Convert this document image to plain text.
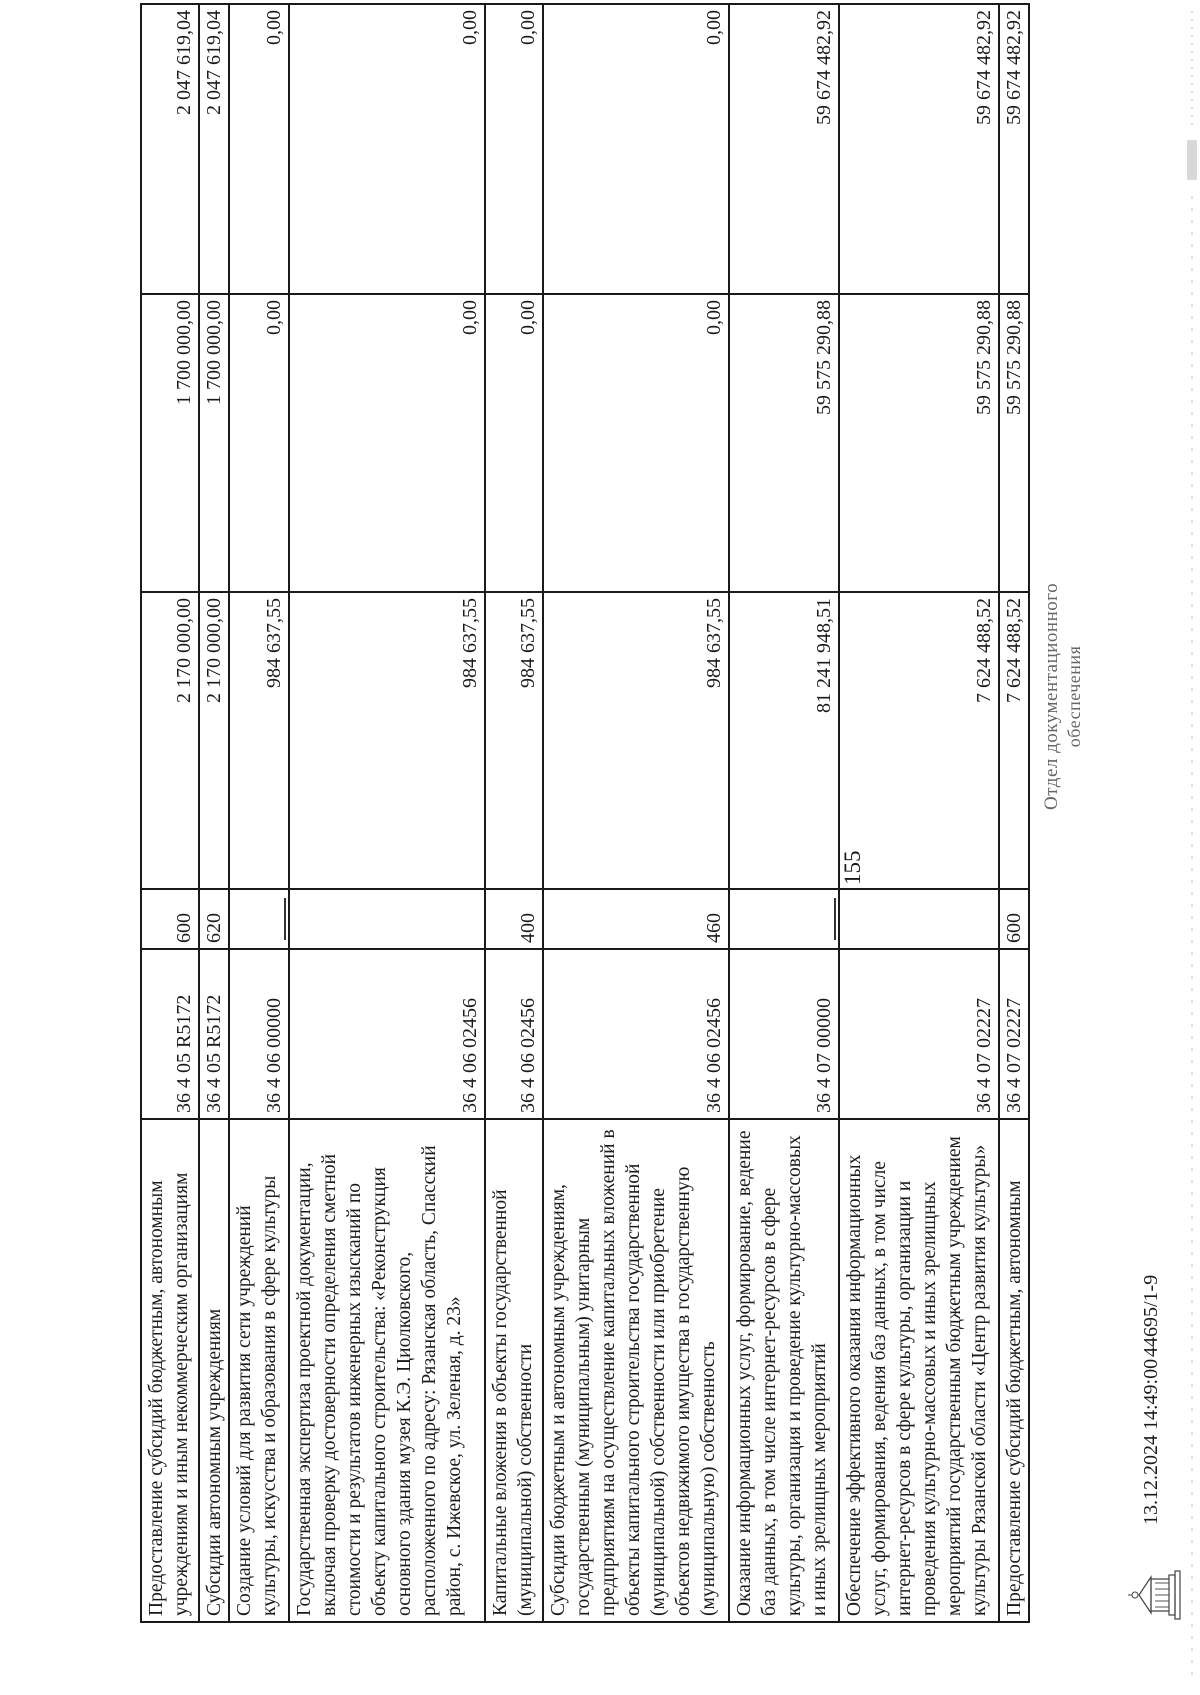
155
Предоставление субсидий бюджетным, автономным учреждениям и иным некоммерческим организациям	36 4 05 R5172	600	2 170 000,00	1 700 000,00	2 047 619,04
Субсидии автономным учреждениям	36 4 05 R5172	620	2 170 000,00	1 700 000,00	2 047 619,04
Создание условий для развития сети учреждений культуры, искусства и образования в сфере культуры	36 4 06 00000		984 637,55	0,00	0,00
Государственная экспертиза проектной документации, включая проверку достоверности определения сметной стоимости и результатов инженерных изысканий по объекту капитального строительства: «Реконструкция основного здания музея К.Э. Циолковского, расположенного по адресу: Рязанская область, Спасский район, с. Ижевское, ул. Зеленая, д. 23»	36 4 06 02456		984 637,55	0,00	0,00
Капитальные вложения в объекты государственной (муниципальной) собственности	36 4 06 02456	400	984 637,55	0,00	0,00
Субсидии бюджетным и автономным учреждениям, государственным (муниципальным) унитарным предприятиям на осуществление капитальных вложений в объекты капитального строительства государственной (муниципальной) собственности или приобретение объектов недвижимого имущества в государственную (муниципальную) собственность	36 4 06 02456	460	984 637,55	0,00	0,00
Оказание информационных услуг, формирование, ведение баз данных, в том числе интернет-ресурсов в сфере культуры, организация и проведение культурно-массовых и иных зрелищных мероприятий	36 4 07 00000		81 241 948,51	59 575 290,88	59 674 482,92
Обеспечение эффективного оказания информационных услуг, формирования, ведения баз данных, в том числе интернет-ресурсов в сфере культуры, организации и проведения культурно-массовых и иных зрелищных мероприятий государственным бюджетным учреждением культуры Рязанской области «Центр развития культуры»	36 4 07 02227		7 624 488,52	59 575 290,88	59 674 482,92
Предоставление субсидий бюджетным, автономным	36 4 07 02227	600	7 624 488,52	59 575 290,88	59 674 482,92
13.12.2024 14:49:00
44695/1-9
Отдел документационного обеспечения
